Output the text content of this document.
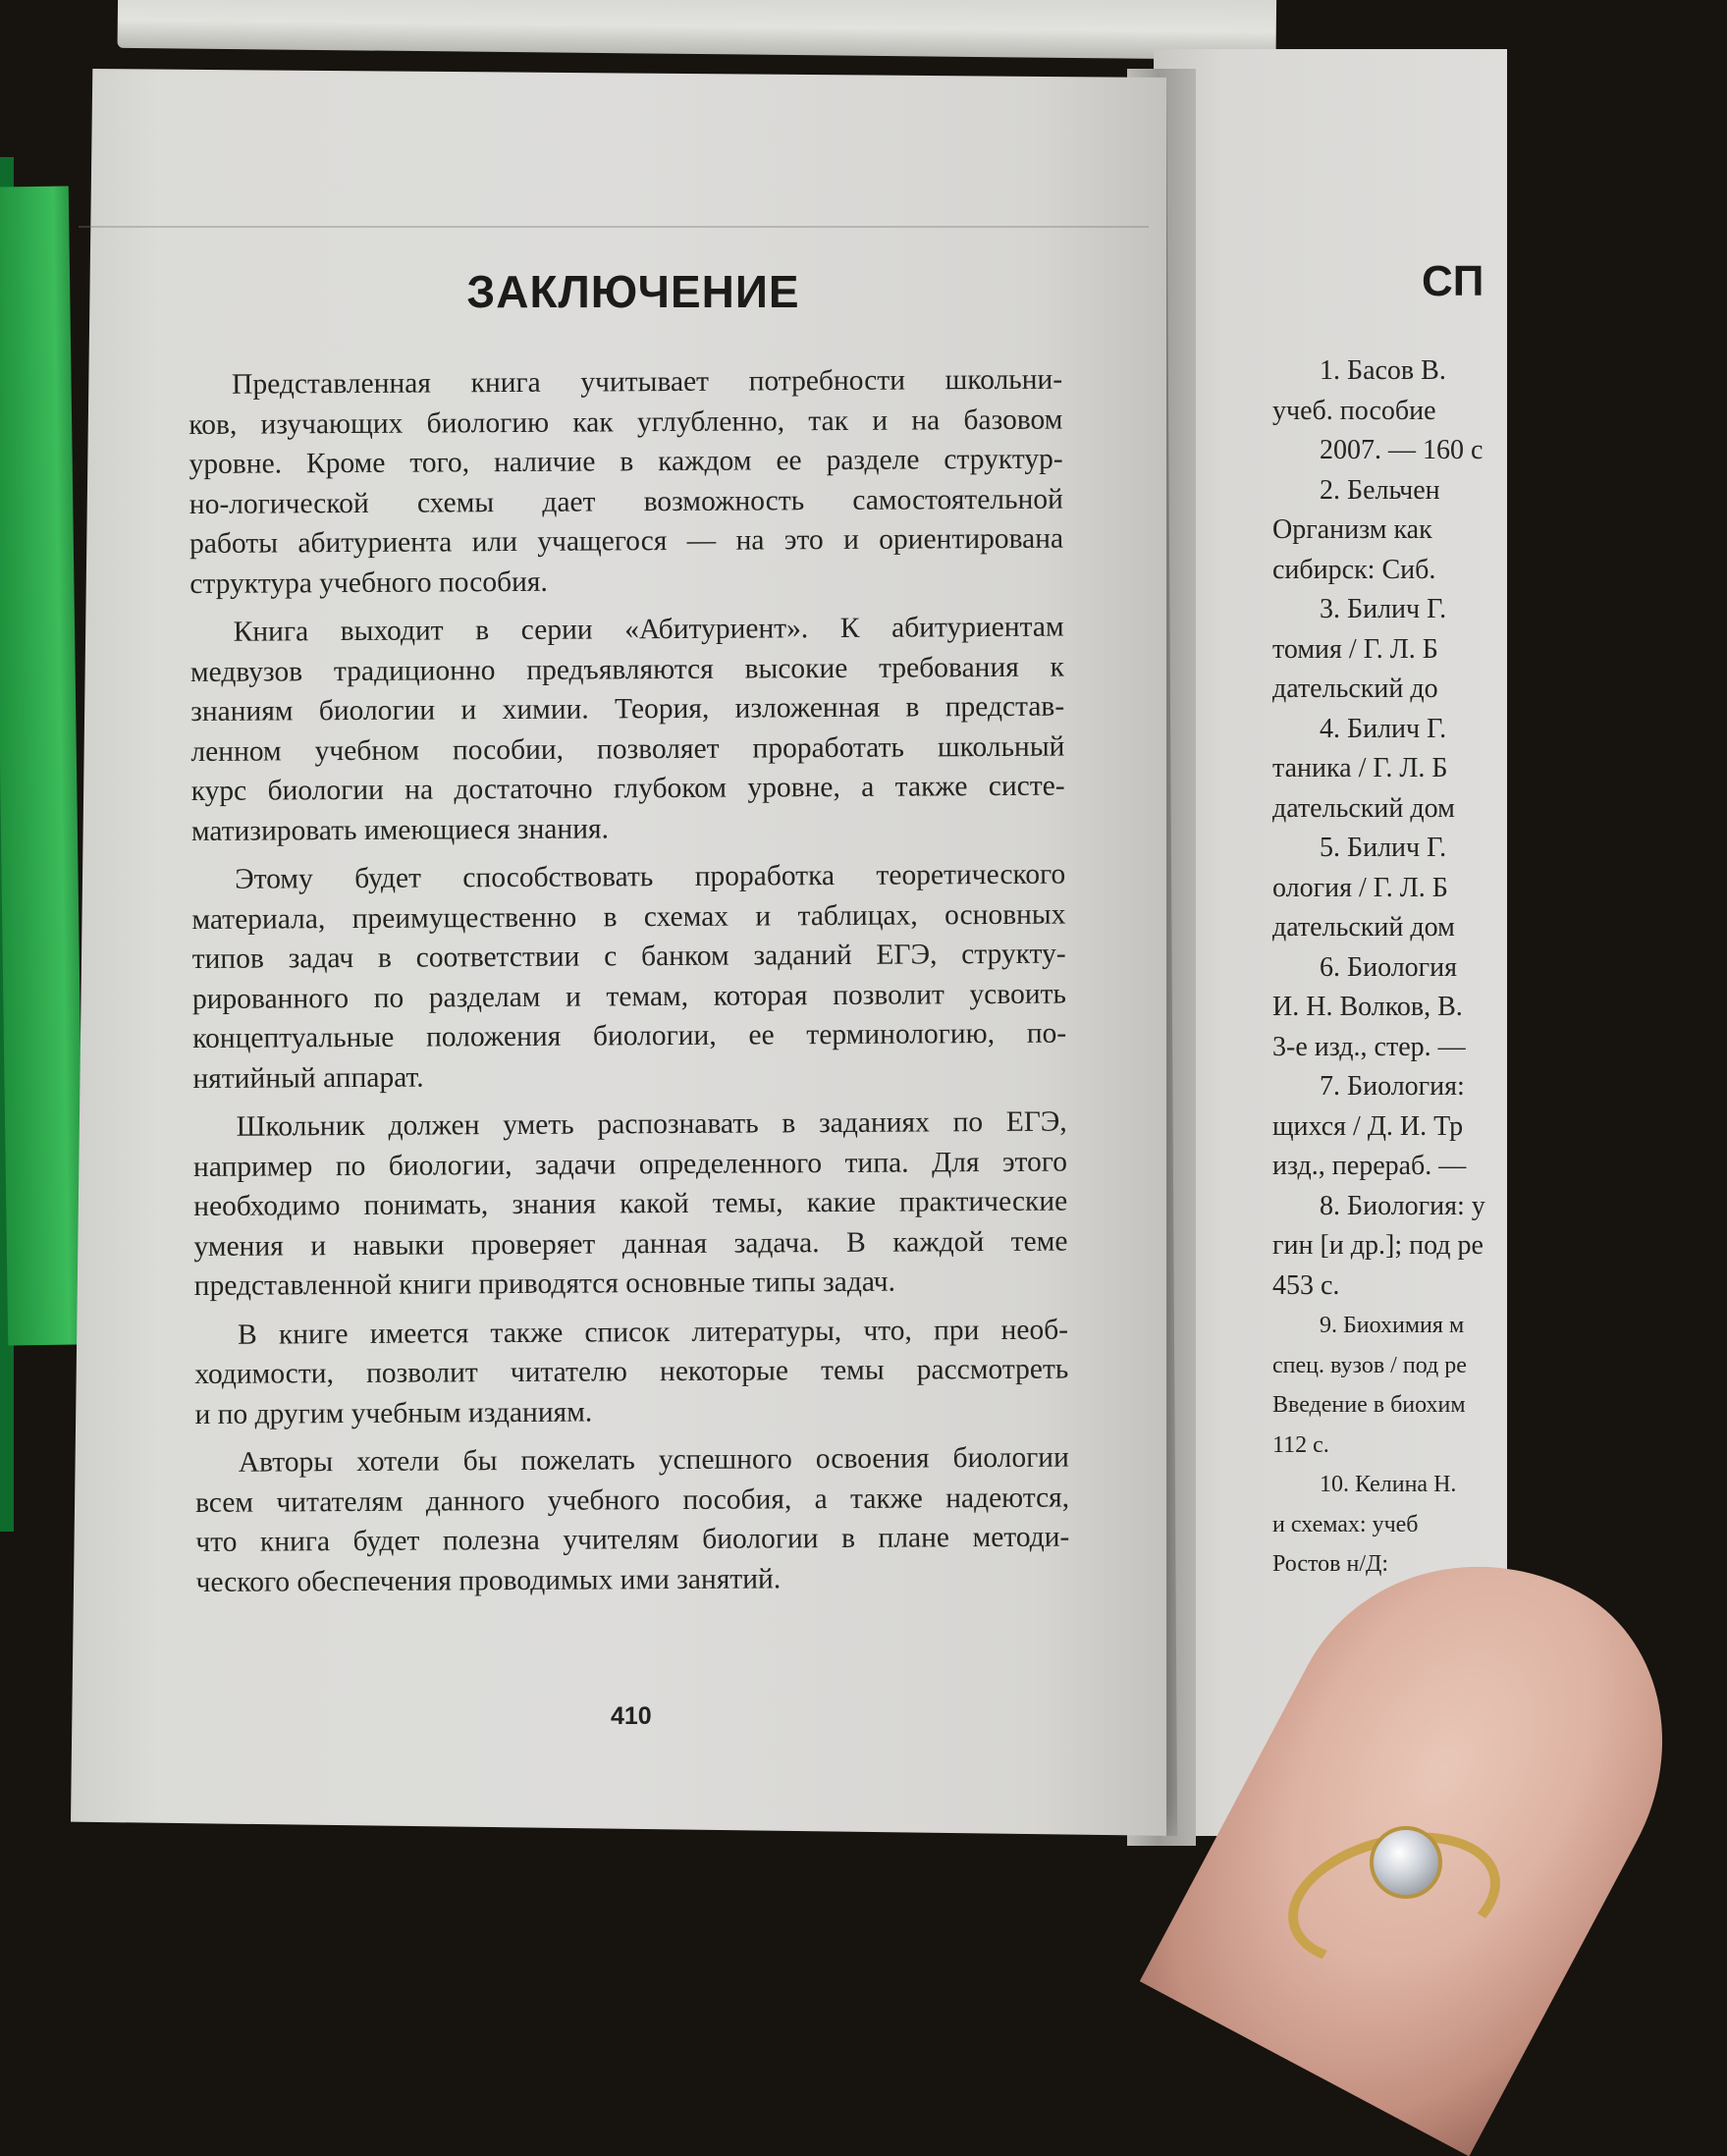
ЗАКЛЮЧЕНИЕ
Представленная книга учитывает потребности школьни-
ков, изучающих биологию как углубленно, так и на базовом
уровне. Кроме того, наличие в каждом ее разделе структур-
но-логической схемы дает возможность самостоятельной
работы абитуриента или учащегося — на это и ориентирована
структура учебного пособия.
Книга выходит в серии «Абитуриент». К абитуриентам
медвузов традиционно предъявляются высокие требования к
знаниям биологии и химии. Теория, изложенная в представ-
ленном учебном пособии, позволяет проработать школьный
курс биологии на достаточно глубоком уровне, а также систе-
матизировать имеющиеся знания.
Этому будет способствовать проработка теоретического
материала, преимущественно в схемах и таблицах, основных
типов задач в соответствии с банком заданий ЕГЭ, структу-
рированного по разделам и темам, которая позволит усвоить
концептуальные положения биологии, ее терминологию, по-
нятийный аппарат.
Школьник должен уметь распознавать в заданиях по ЕГЭ,
например по биологии, задачи определенного типа. Для этого
необходимо понимать, знания какой темы, какие практические
умения и навыки проверяет данная задача. В каждой теме
представленной книги приводятся основные типы задач.
В книге имеется также список литературы, что, при необ-
ходимости, позволит читателю некоторые темы рассмотреть
и по другим учебным изданиям.
Авторы хотели бы пожелать успешного освоения биологии
всем читателям данного учебного пособия, а также надеются,
что книга будет полезна учителям биологии в плане методи-
ческого обеспечения проводимых ими занятий.
410
СП
1. Басов В.
учеб. пособие
2007. — 160 с
2. Бельчен
Организм как
сибирск: Сиб.
3. Билич Г.
томия / Г. Л. Б
дательский до
4. Билич Г.
таника / Г. Л. Б
дательский дом
5. Билич Г.
ология / Г. Л. Б
дательский дом
6. Биология
И. Н. Волков, В.
3-е изд., стер. —
7. Биология:
щихся / Д. И. Тр
изд., перераб. —
8. Биология: у
гин [и др.]; под ре
453 с.
9. Биохимия м
спец. вузов / под ре
Введение в биохим
112 с.
10. Келина Н.
и схемах: учеб
Ростов н/Д:
